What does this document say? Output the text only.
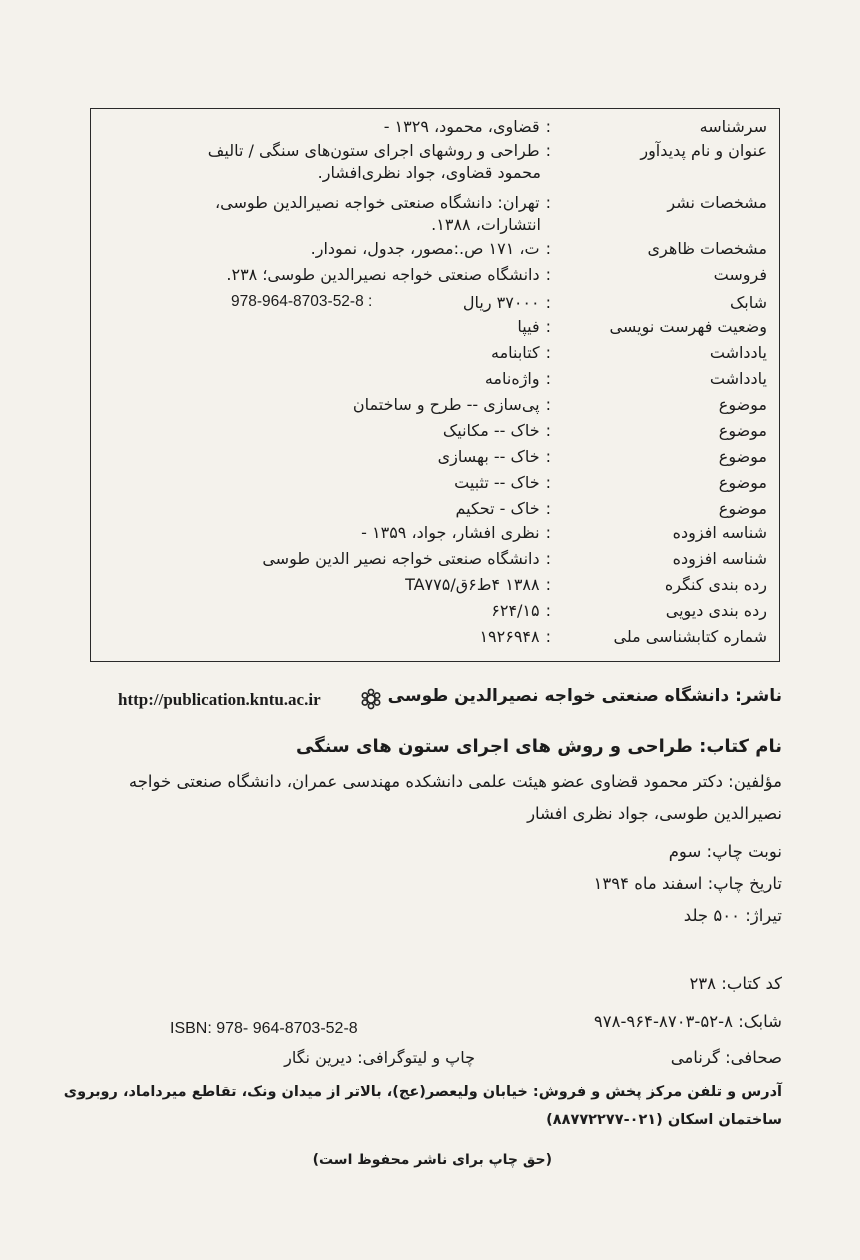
سرشناسه
:قضاوی، محمود، ۱۳۲۹ -
عنوان و نام پدیدآور
:طراحی و روشهای اجرای ستون‌های سنگی / تالیف
محمود قضاوی، جواد نظری‌افشار.
مشخصات نشر
:تهران: دانشگاه صنعتی خواجه نصیرالدین طوسی،
انتشارات، ۱۳۸۸.
مشخصات ظاهری
:ت، ۱۷۱ ص.:مصور، جدول، نمودار.
فروست
:دانشگاه صنعتی خواجه نصیرالدین طوسی؛ ۲۳۸.
شابک
:۳۷۰۰۰ ریال
978-964-8703-52-8 :
وضعیت فهرست نویسی
:فیپا
یادداشت
:کتابنامه
یادداشت
:واژه‌نامه
موضوع
:پی‌سازی -- طرح و ساختمان
موضوع
:خاک -- مکانیک
موضوع
:خاک -- بهسازی
موضوع
:خاک -- تثبیت
موضوع
:خاک - تحکیم
شناسه افزوده
:نظری افشار، جواد، ۱۳۵۹ -
شناسه افزوده
:دانشگاه صنعتی خواجه نصیر الدین طوسی
رده بندی کنگره
:۱۳۸۸ ۴ط‌۶ق‌/TA۷۷۵
رده بندی دیویی
:۶۲۴/۱۵
شماره کتابشناسی ملی
:۱۹۲۶۹۴۸
ناشر: دانشگاه صنعتی خواجه نصیرالدین طوسی
http://publication.kntu.ac.ir
نام کتاب: طراحی و روش های اجرای ستون های سنگی
مؤلفین: دکتر محمود قضاوی عضو هیئت علمی دانشکده مهندسی عمران، دانشگاه صنعتی خواجه
نصیرالدین طوسی، جواد نظری افشار
نوبت چاپ: سوم
تاریخ چاپ: اسفند ماه ۱۳۹۴
تیراژ: ۵۰۰ جلد
کد کتاب: ۲۳۸
شابک: ۸-۵۲-۸۷۰۳-۹۶۴-۹۷۸
ISBN: 978- 964-8703-52-8
صحافی: گرنامی
چاپ و لیتوگرافی: دیرین نگار
آدرس و تلفن مرکز پخش و فروش: خیابان ولیعصر(عج)، بالاتر از میدان ونک، تقاطع میرداماد، روبروی
ساختمان اسکان (۰۲۱-۸۸۷۷۲۲۷۷)
(حق چاپ برای ناشر محفوظ است)
